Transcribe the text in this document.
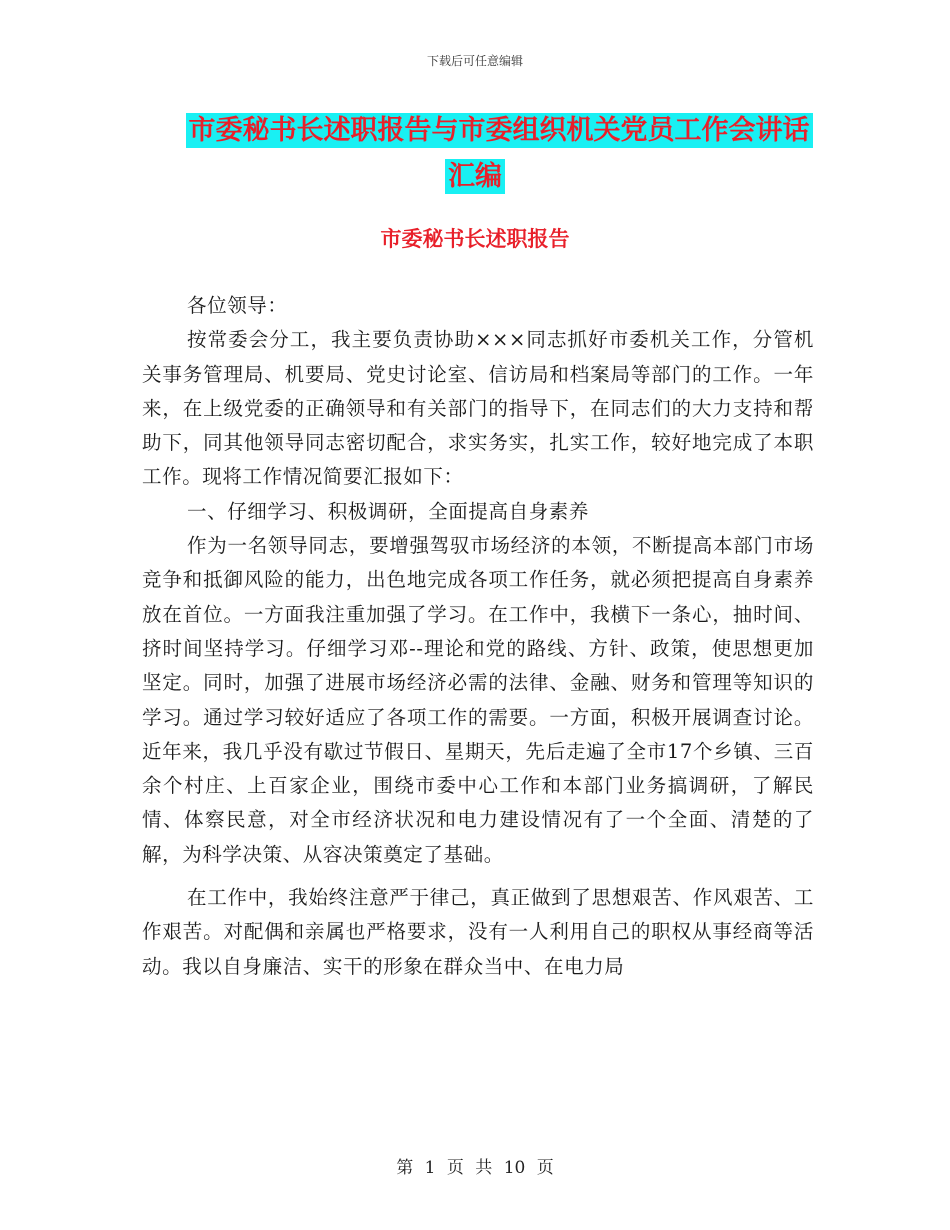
下载后可任意编辑
市委秘书长述职报告与市委组织机关党员工作会讲话
汇编
市委秘书长述职报告

各位领导：

按常委会分工，我主要负责协助×××同志抓好市委机关工作，分管机关事务管理局、机要局、党史讨论室、信访局和档案局等部门的工作。一年来，在上级党委的正确领导和有关部门的指导下，在同志们的大力支持和帮助下，同其他领导同志密切配合，求实务实，扎实工作，较好地完成了本职工作。现将工作情况简要汇报如下：

一、仔细学习、积极调研，全面提高自身素养

作为一名领导同志，要增强驾驭市场经济的本领，不断提高本部门市场竞争和抵御风险的能力，出色地完成各项工作任务，就必须把提高自身素养放在首位。一方面我注重加强了学习。在工作中，我横下一条心，抽时间、挤时间坚持学习。仔细学习邓--理论和党的路线、方针、政策，使思想更加坚定。同时，加强了进展市场经济必需的法律、金融、财务和管理等知识的学习。通过学习较好适应了各项工作的需要。一方面，积极开展调查讨论。近年来，我几乎没有歇过节假日、星期天，先后走遍了全市17个乡镇、三百余个村庄、上百家企业，围绕市委中心工作和本部门业务搞调研，了解民情、体察民意，对全市经济状况和电力建设情况有了一个全面、清楚的了解，为科学决策、从容决策奠定了基础。

在工作中，我始终注意严于律己，真正做到了思想艰苦、作风艰苦、工作艰苦。对配偶和亲属也严格要求，没有一人利用自己的职权从事经商等活动。我以自身廉洁、实干的形象在群众当中、在电力局

第 1 页 共 10 页
